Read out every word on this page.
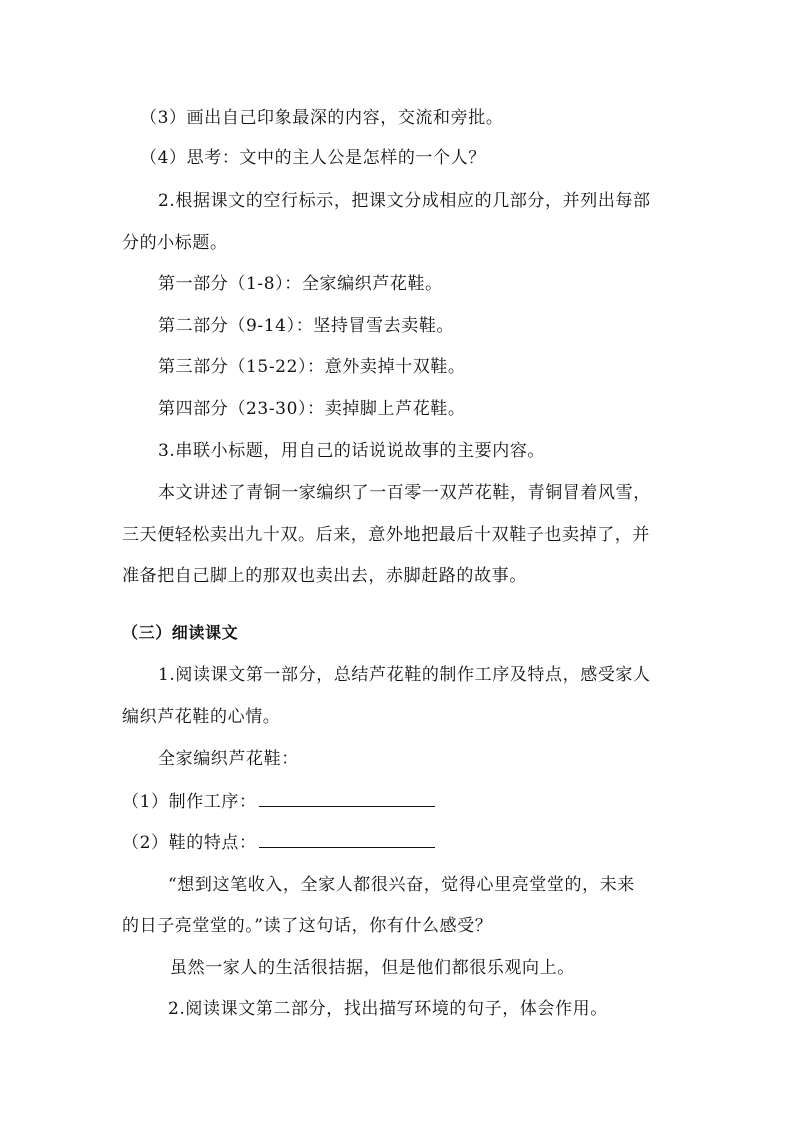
（3）画出自己印象最深的内容，交流和旁批。
（4）思考：文中的主人公是怎样的一个人？
2.根据课文的空行标示，把课文分成相应的几部分，并列出每部
分的小标题。
第一部分（1-8）：全家编织芦花鞋。
第二部分（9-14）：坚持冒雪去卖鞋。
第三部分（15-22）：意外卖掉十双鞋。
第四部分（23-30）：卖掉脚上芦花鞋。
3.串联小标题，用自己的话说说故事的主要内容。
本文讲述了青铜一家编织了一百零一双芦花鞋，青铜冒着风雪，
三天便轻松卖出九十双。后来，意外地把最后十双鞋子也卖掉了，并
准备把自己脚上的那双也卖出去，赤脚赶路的故事。
（三）细读课文
1.阅读课文第一部分，总结芦花鞋的制作工序及特点，感受家人
编织芦花鞋的心情。
全家编织芦花鞋：
（1）制作工序：
（2）鞋的特点：
“想到这笔收入，全家人都很兴奋，觉得心里亮堂堂的，未来
的日子亮堂堂的。”读了这句话，你有什么感受？
虽然一家人的生活很拮据，但是他们都很乐观向上。
2.阅读课文第二部分，找出描写环境的句子，体会作用。
